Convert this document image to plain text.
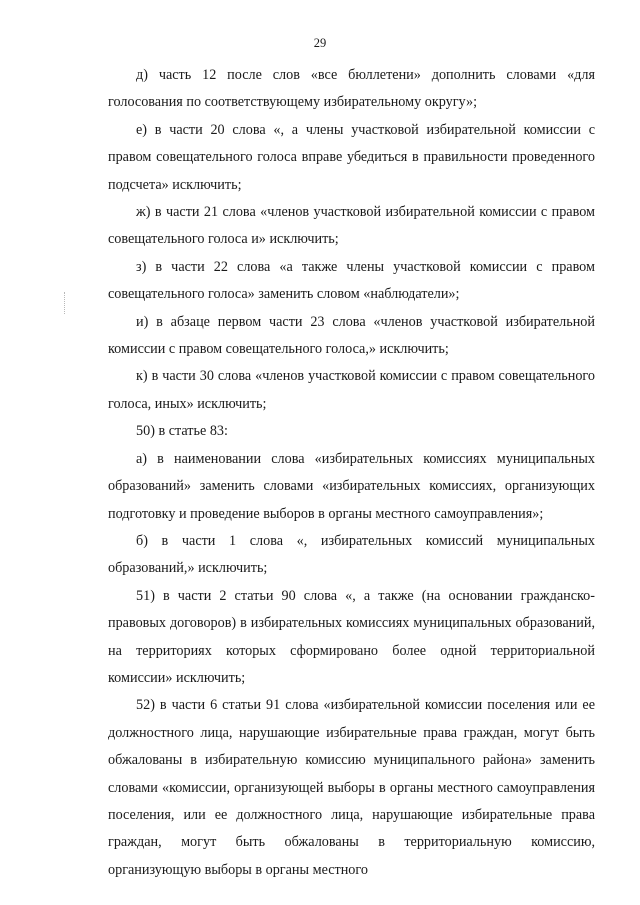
29

д) часть 12 после слов «все бюллетени» дополнить словами «для голосования по соответствующему избирательному округу»;

е) в части 20 слова «, а члены участковой избирательной комиссии с правом совещательного голоса вправе убедиться в правильности проведенного подсчета» исключить;

ж) в части 21 слова «членов участковой избирательной комиссии с правом совещательного голоса и» исключить;

з) в части 22 слова «а также члены участковой комиссии с правом совещательного голоса» заменить словом «наблюдатели»;

и) в абзаце первом части 23 слова «членов участковой избирательной комиссии с правом совещательного голоса,» исключить;

к) в части 30 слова «членов участковой комиссии с правом совещательного голоса, иных» исключить;

50) в статье 83:

а) в наименовании слова «избирательных комиссиях муниципальных образований» заменить словами «избирательных комиссиях, организующих подготовку и проведение выборов в органы местного самоуправления»;

б) в части 1 слова «, избирательных комиссий муниципальных образований,» исключить;

51) в части 2 статьи 90 слова «, а также (на основании гражданско-правовых договоров) в избирательных комиссиях муниципальных образований, на территориях которых сформировано более одной территориальной комиссии» исключить;

52) в части 6 статьи 91 слова «избирательной комиссии поселения или ее должностного лица, нарушающие избирательные права граждан, могут быть обжалованы в избирательную комиссию муниципального района» заменить словами «комиссии, организующей выборы в органы местного самоуправления поселения, или ее должностного лица, нарушающие избирательные права граждан, могут быть обжалованы в территориальную комиссию, организующую выборы в органы местного
